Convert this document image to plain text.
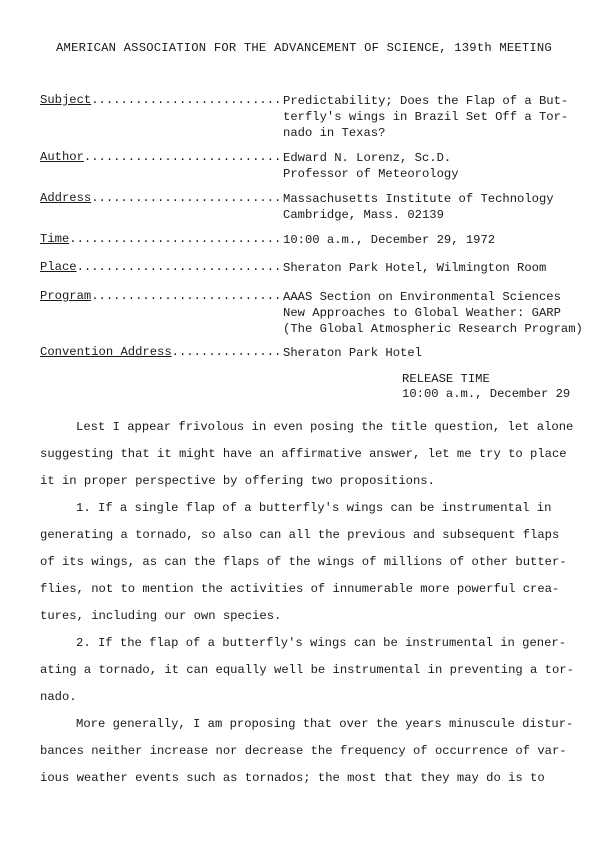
AMERICAN ASSOCIATION FOR THE ADVANCEMENT OF SCIENCE, 139th MEETING
Subject.......................... Predictability; Does the Flap of a But-
terfly's wings in Brazil Set Off a Tor-
nado in Texas?
Author........................... Edward N. Lorenz, Sc.D.
Professor of Meteorology
Address.......................... Massachusetts Institute of Technology
Cambridge, Mass. 02139
Time............................. 10:00 a.m., December 29, 1972
Place............................ Sheraton Park Hotel, Wilmington Room
Program.......................... AAAS Section on Environmental Sciences
New Approaches to Global Weather: GARP
(The Global Atmospheric Research Program)
Convention Address............... Sheraton Park Hotel
RELEASE TIME
10:00 a.m., December 29
Lest I appear frivolous in even posing the title question, let alone
suggesting that it might have an affirmative answer, let me try to place
it in proper perspective by offering two propositions.
1. If a single flap of a butterfly's wings can be instrumental in
generating a tornado, so also can all the previous and subsequent flaps
of its wings, as can the flaps of the wings of millions of other butter-
flies, not to mention the activities of innumerable more powerful crea-
tures, including our own species.
2. If the flap of a butterfly's wings can be instrumental in gener-
ating a tornado, it can equally well be instrumental in preventing a tor-
nado.
More generally, I am proposing that over the years minuscule distur-
bances neither increase nor decrease the frequency of occurrence of var-
ious weather events such as tornados; the most that they may do is to
